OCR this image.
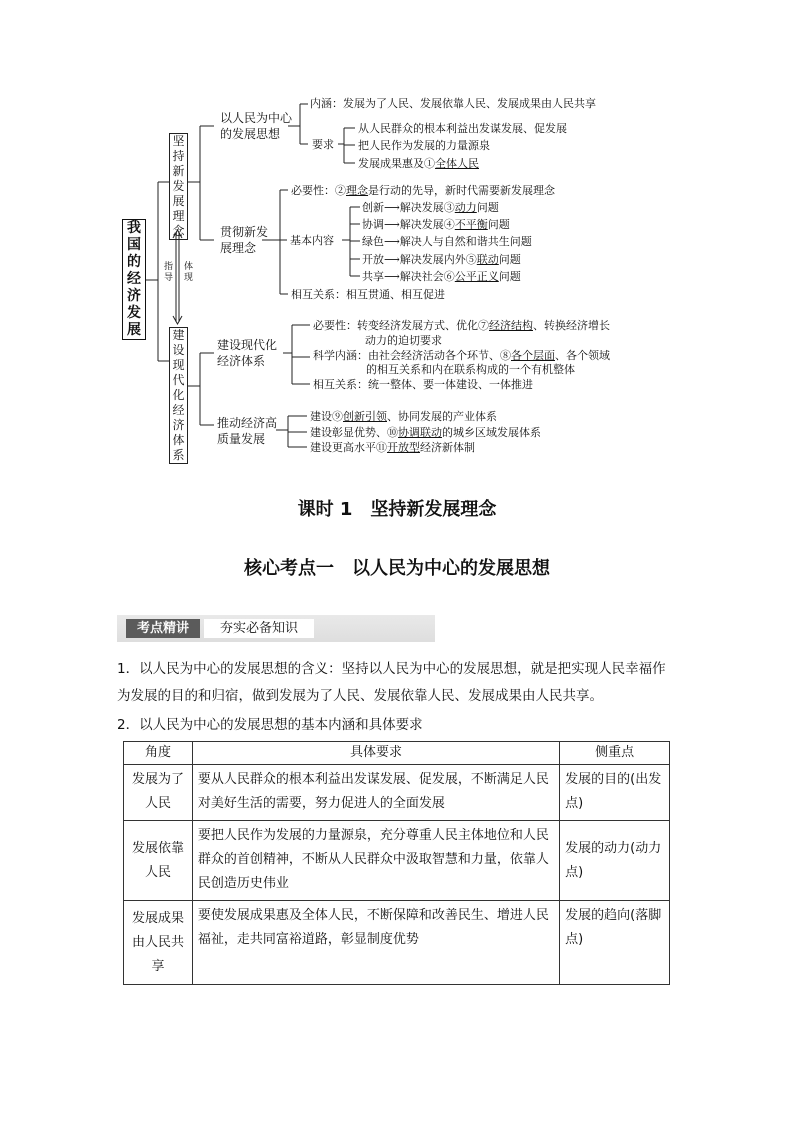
我国的经济发展
坚持新发展理念
建设现代化经济体系
体现
指导
以人民为中心
的发展思想
内涵：发展为了人民、发展依靠人民、发展成果由人民共享
要求
从人民群众的根本利益出发谋发展、促发展
把人民作为发展的力量源泉
发展成果惠及①全体人民
贯彻新发
展理念
必要性：②理念是行动的先导，新时代需要新发展理念
基本内容
创新⟶解决发展③动力问题
协调⟶解决发展④不平衡问题
绿色⟶解决人与自然和谐共生问题
开放⟶解决发展内外⑤联动问题
共享⟶解决社会⑥公平正义问题
相互关系：相互贯通、相互促进
建设现代化
经济体系
必要性：转变经济发展方式、优化⑦经济结构、转换经济增长
动力的迫切要求
科学内涵：由社会经济活动各个环节、⑧各个层面、各个领域
的相互关系和内在联系构成的一个有机整体
相互关系：统一整体、要一体建设、一体推进
推动经济高
质量发展
建设⑨创新引领、协同发展的产业体系
建设彰显优势、⑩协调联动的城乡区域发展体系
建设更高水平⑪开放型经济新体制
课时 1　坚持新发展理念
核心考点一　以人民为中心的发展思想
考点精讲	夯实必备知识
1．以人民为中心的发展思想的含义：坚持以人民为中心的发展思想，就是把实现人民幸福作
为发展的目的和归宿，做到发展为了人民、发展依靠人民、发展成果由人民共享。
2．以人民为中心的发展思想的基本内涵和具体要求
角度	具体要求	侧重点
发展为了人民	要从人民群众的根本利益出发谋发展、促发展，不断满足人民对美好生活的需要，努力促进人的全面发展	发展的目的(出发点)
发展依靠人民	要把人民作为发展的力量源泉，充分尊重人民主体地位和人民群众的首创精神，不断从人民群众中汲取智慧和力量，依靠人民创造历史伟业	发展的动力(动力点)
发展成果由人民共享	要使发展成果惠及全体人民，不断保障和改善民生、增进人民福祉，走共同富裕道路，彰显制度优势	发展的趋向(落脚点)
